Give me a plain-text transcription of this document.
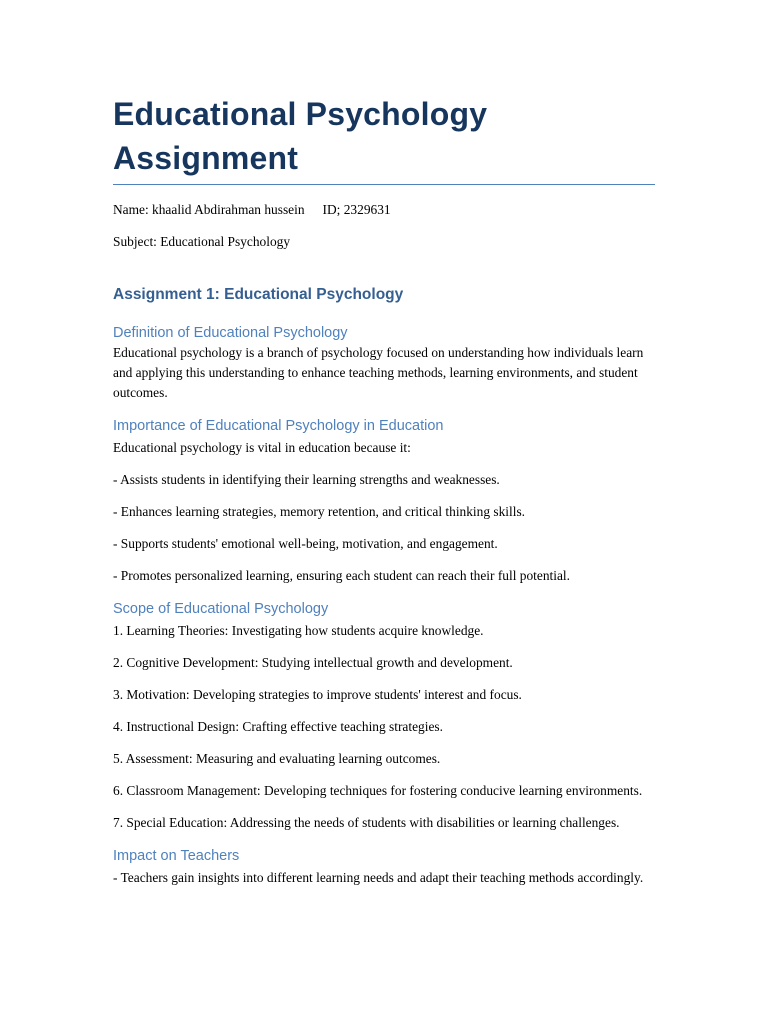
Educational Psychology Assignment
Name: khaalid Abdirahman hussein ID; 2329631
Subject: Educational Psychology
Assignment 1: Educational Psychology
Definition of Educational Psychology

Educational psychology is a branch of psychology focused on understanding how individuals learn and applying this understanding to enhance teaching methods, learning environments, and student outcomes.

Importance of Educational Psychology in Education

Educational psychology is vital in education because it:

- Assists students in identifying their learning strengths and weaknesses.

- Enhances learning strategies, memory retention, and critical thinking skills.

- Supports students' emotional well-being, motivation, and engagement.

- Promotes personalized learning, ensuring each student can reach their full potential.

Scope of Educational Psychology

1. Learning Theories: Investigating how students acquire knowledge.

2. Cognitive Development: Studying intellectual growth and development.

3. Motivation: Developing strategies to improve students' interest and focus.

4. Instructional Design: Crafting effective teaching strategies.

5. Assessment: Measuring and evaluating learning outcomes.

6. Classroom Management: Developing techniques for fostering conducive learning environments.

7. Special Education: Addressing the needs of students with disabilities or learning challenges.

Impact on Teachers

- Teachers gain insights into different learning needs and adapt their teaching methods accordingly.
